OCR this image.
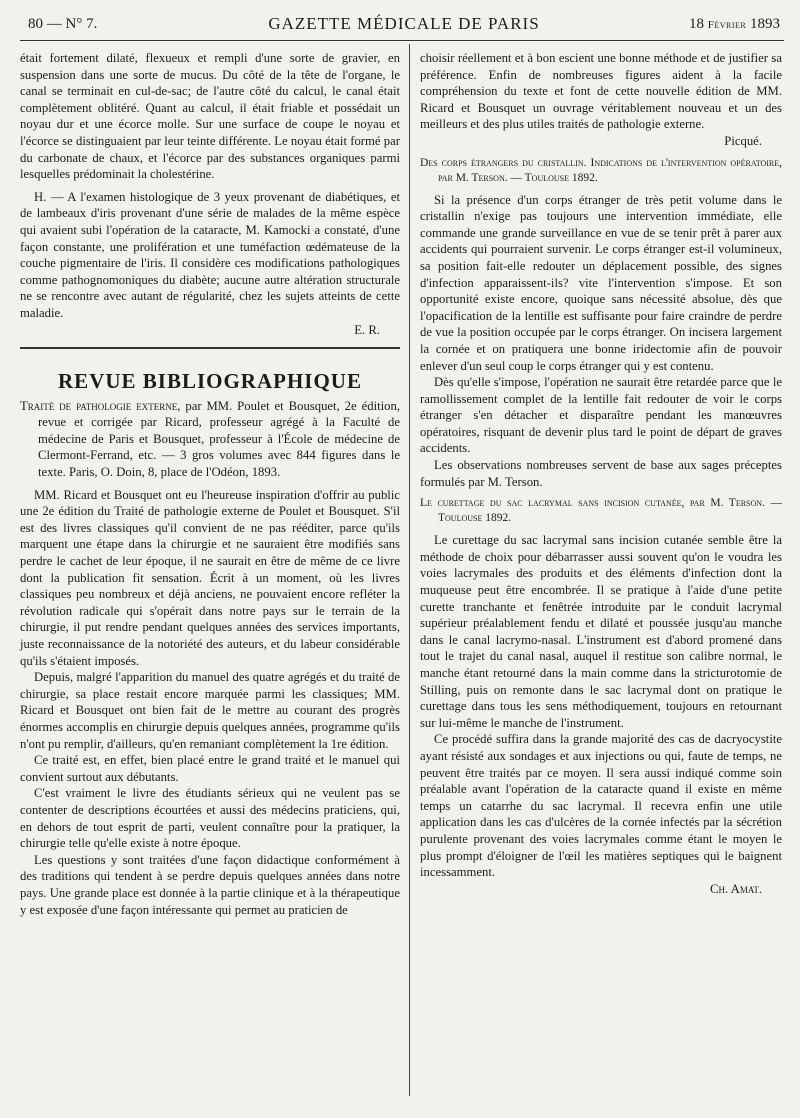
80 — N° 7.	GAZETTE MÉDICALE DE PARIS	18 Février 1893

était fortement dilaté, flexueux et rempli d'une sorte de gravier, en suspension dans une sorte de mucus. Du côté de la tête de l'organe, le canal se terminait en cul-de-sac; de l'autre côté du calcul, le canal était complètement oblitéré. Quant au calcul, il était friable et possédait un noyau dur et une écorce molle. Sur une surface de coupe le noyau et l'écorce se distinguaient par leur teinte différente. Le noyau était formé par du carbonate de chaux, et l'écorce par des substances organiques parmi lesquelles prédominait la cholestérine.

H. — A l'examen histologique de 3 yeux provenant de diabétiques, et de lambeaux d'iris provenant d'une série de malades de la même espèce qui avaient subi l'opération de la cataracte, M. Kamocki a constaté, d'une façon constante, une prolifération et une tuméfaction œdémateuse de la couche pigmentaire de l'iris. Il considère ces modifications pathologiques comme pathognomoniques du diabète; aucune autre altération structurale ne se rencontre avec autant de régularité, chez les sujets atteints de cette maladie.

E. R.

REVUE BIBLIOGRAPHIQUE

Traité de pathologie externe, par MM. Poulet et Bousquet, 2e édition, revue et corrigée par Ricard, professeur agrégé à la Faculté de médecine de Paris et Bousquet, professeur à l'École de médecine de Clermont-Ferrand, etc. — 3 gros volumes avec 844 figures dans le texte. Paris, O. Doin, 8, place de l'Odéon, 1893.

MM. Ricard et Bousquet ont eu l'heureuse inspiration d'offrir au public une 2e édition du Traité de pathologie externe de Poulet et Bousquet. S'il est des livres classiques qu'il convient de ne pas rééditer, parce qu'ils marquent une étape dans la chirurgie et ne sauraient être modifiés sans perdre le cachet de leur époque, il ne saurait en être de même de ce livre dont la publication fit sensation. Écrit à un moment, où les livres classiques peu nombreux et déjà anciens, ne pouvaient encore refléter la révolution radicale qui s'opérait dans notre pays sur le terrain de la chirurgie, il put rendre pendant quelques années des services importants, juste reconnaissance de la notoriété des auteurs, et du labeur considérable qu'ils s'étaient imposés.

Depuis, malgré l'apparition du manuel des quatre agrégés et du traité de chirurgie, sa place restait encore marquée parmi les classiques; MM. Ricard et Bousquet ont bien fait de le mettre au courant des progrès énormes accomplis en chirurgie depuis quelques années, programme qu'ils n'ont pu remplir, d'ailleurs, qu'en remaniant complètement la 1re édition.

Ce traité est, en effet, bien placé entre le grand traité et le manuel qui convient surtout aux débutants.

C'est vraiment le livre des étudiants sérieux qui ne veulent pas se contenter de descriptions écourtées et aussi des médecins praticiens, qui, en dehors de tout esprit de parti, veulent connaître pour la pratiquer, la chirurgie telle qu'elle existe à notre époque.

Les questions y sont traitées d'une façon didactique conformément à des traditions qui tendent à se perdre depuis quelques années dans notre pays. Une grande place est donnée à la partie clinique et à la thérapeutique y est exposée d'une façon intéressante qui permet au praticien de

choisir réellement et à bon escient une bonne méthode et de justifier sa préférence. Enfin de nombreuses figures aident à la facile compréhension du texte et font de cette nouvelle édition de MM. Ricard et Bousquet un ouvrage véritablement nouveau et un des meilleurs et des plus utiles traités de pathologie externe.

Picqué.

Des corps étrangers du cristallin. Indications de l'intervention opératoire, par M. Terson. — Toulouse 1892.

Si la présence d'un corps étranger de très petit volume dans le cristallin n'exige pas toujours une intervention immédiate, elle commande une grande surveillance en vue de se tenir prêt à parer aux accidents qui pourraient survenir. Le corps étranger est-il volumineux, sa position fait-elle redouter un déplacement possible, des signes d'infection apparaissent-ils? vite l'intervention s'impose. Et son opportunité existe encore, quoique sans nécessité absolue, dès que l'opacification de la lentille est suffisante pour faire craindre de perdre de vue la position occupée par le corps étranger. On incisera largement la cornée et on pratiquera une bonne iridectomie afin de pouvoir enlever d'un seul coup le corps étranger qui y est contenu.

Dès qu'elle s'impose, l'opération ne saurait être retardée parce que le ramollissement complet de la lentille fait redouter de voir le corps étranger s'en détacher et disparaître pendant les manœuvres opératoires, risquant de devenir plus tard le point de départ de graves accidents.

Les observations nombreuses servent de base aux sages préceptes formulés par M. Terson.

Le curettage du sac lacrymal sans incision cutanée, par M. Terson. — Toulouse 1892.

Le curettage du sac lacrymal sans incision cutanée semble être la méthode de choix pour débarrasser aussi souvent qu'on le voudra les voies lacrymales des produits et des éléments d'infection dont la muqueuse peut être encombrée. Il se pratique à l'aide d'une petite curette tranchante et fenêtrée introduite par le conduit lacrymal supérieur préalablement fendu et dilaté et poussée jusqu'au manche dans le canal lacrymo-nasal. L'instrument est d'abord promené dans tout le trajet du canal nasal, auquel il restitue son calibre normal, le manche étant retourné dans la main comme dans la stricturotomie de Stilling, puis on remonte dans le sac lacrymal dont on pratique le curettage dans tous les sens méthodiquement, toujours en retournant sur lui-même le manche de l'instrument.

Ce procédé suffira dans la grande majorité des cas de dacryocystite ayant résisté aux sondages et aux injections ou qui, faute de temps, ne peuvent être traités par ce moyen. Il sera aussi indiqué comme soin préalable avant l'opération de la cataracte quand il existe en même temps un catarrhe du sac lacrymal. Il recevra enfin une utile application dans les cas d'ulcères de la cornée infectés par la sécrétion purulente provenant des voies lacrymales comme étant le moyen le plus prompt d'éloigner de l'œil les matières septiques qui le baignent incessamment.

Ch. Amat.
